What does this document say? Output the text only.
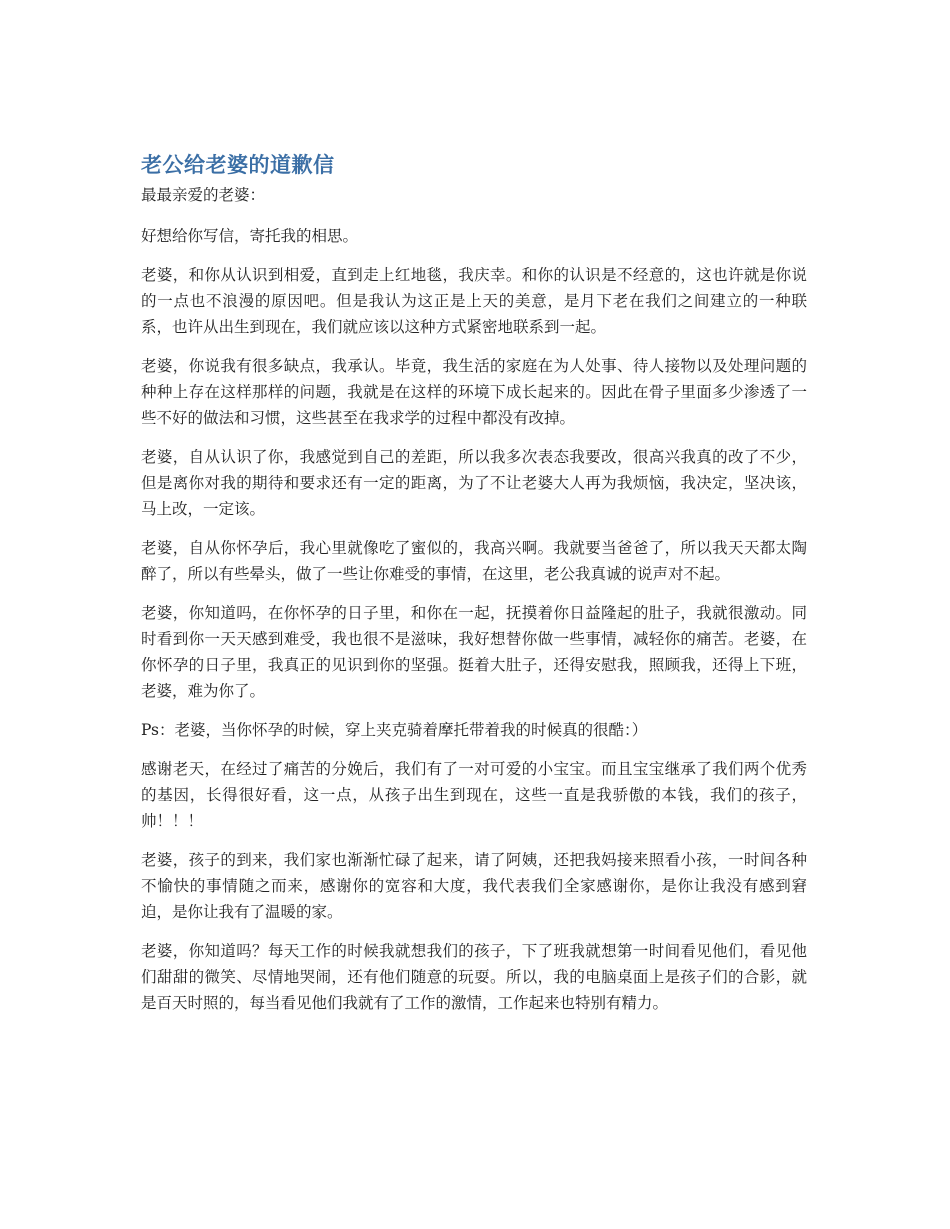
老公给老婆的道歉信

最最亲爱的老婆：

好想给你写信，寄托我的相思。

老婆，和你从认识到相爱，直到走上红地毯，我庆幸。和你的认识是不经意的，这也许就是你说的一点也不浪漫的原因吧。但是我认为这正是上天的美意，是月下老在我们之间建立的一种联系，也许从出生到现在，我们就应该以这种方式紧密地联系到一起。

老婆，你说我有很多缺点，我承认。毕竟，我生活的家庭在为人处事、待人接物以及处理问题的种种上存在这样那样的问题，我就是在这样的环境下成长起来的。因此在骨子里面多少渗透了一些不好的做法和习惯，这些甚至在我求学的过程中都没有改掉。

老婆，自从认识了你，我感觉到自己的差距，所以我多次表态我要改，很高兴我真的改了不少，但是离你对我的期待和要求还有一定的距离，为了不让老婆大人再为我烦恼，我决定，坚决该，马上改，一定该。

老婆，自从你怀孕后，我心里就像吃了蜜似的，我高兴啊。我就要当爸爸了，所以我天天都太陶醉了，所以有些晕头，做了一些让你难受的事情，在这里，老公我真诚的说声对不起。

老婆，你知道吗，在你怀孕的日子里，和你在一起，抚摸着你日益隆起的肚子，我就很激动。同时看到你一天天感到难受，我也很不是滋味，我好想替你做一些事情，减轻你的痛苦。老婆，在你怀孕的日子里，我真正的见识到你的坚强。挺着大肚子，还得安慰我，照顾我，还得上下班，老婆，难为你了。

Ps：老婆，当你怀孕的时候，穿上夹克骑着摩托带着我的时候真的很酷：）

感谢老天，在经过了痛苦的分娩后，我们有了一对可爱的小宝宝。而且宝宝继承了我们两个优秀的基因，长得很好看，这一点，从孩子出生到现在，这些一直是我骄傲的本钱，我们的孩子，帅！！！

老婆，孩子的到来，我们家也渐渐忙碌了起来，请了阿姨，还把我妈接来照看小孩，一时间各种不愉快的事情随之而来，感谢你的宽容和大度，我代表我们全家感谢你，是你让我没有感到窘迫，是你让我有了温暖的家。

老婆，你知道吗？每天工作的时候我就想我们的孩子，下了班我就想第一时间看见他们，看见他们甜甜的微笑、尽情地哭闹，还有他们随意的玩耍。所以，我的电脑桌面上是孩子们的合影，就是百天时照的，每当看见他们我就有了工作的激情，工作起来也特别有精力。
